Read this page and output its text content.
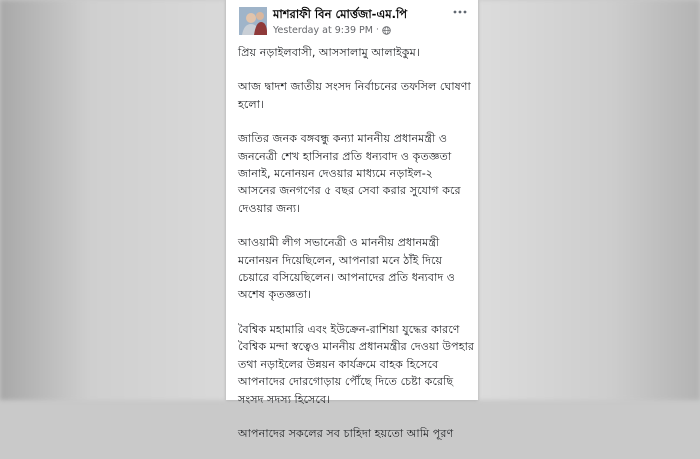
মাশরাফী বিন মোর্ত্তজা-এম.পি
Yesterday at 9:39 PM ·

প্রিয় নড়াইলবাসী, আসসালামু আলাইকুম।

আজ দ্বাদশ জাতীয় সংসদ নির্বাচনের তফসিল ঘোষণা হলো।

জাতির জনক বঙ্গবন্ধু কন্যা মাননীয় প্রধানমন্ত্রী ও জননেত্রী শেখ হাসিনার প্রতি ধন্যবাদ ও কৃতজ্ঞতা জানাই, মনোনয়ন দেওয়ার মাধ্যমে নড়াইল-২ আসনের জনগণের ৫ বছর সেবা করার সুযোগ করে দেওয়ার জন্য।

আওয়ামী লীগ সভানেত্রী ও মাননীয় প্রধানমন্ত্রী মনোনয়ন দিয়েছিলেন, আপনারা মনে ঠাঁই দিয়ে চেয়ারে বসিয়েছিলেন। আপনাদের প্রতি ধন্যবাদ ও অশেষ কৃতজ্ঞতা।

বৈশ্বিক মহামারি এবং ইউক্রেন-রাশিয়া যুদ্ধের কারণে বৈশ্বিক মন্দা স্বত্বেও মাননীয় প্রধানমন্ত্রীর দেওয়া উপহার তথা নড়াইলের উন্নয়ন কার্যক্রমে বাহক হিসেবে আপনাদের দোরগোড়ায় পৌঁছে দিতে চেষ্টা করেছি সংসদ সদস্য হিসেবে।

আপনাদের সকলের সব চাহিদা হয়তো আমি পূরণ
